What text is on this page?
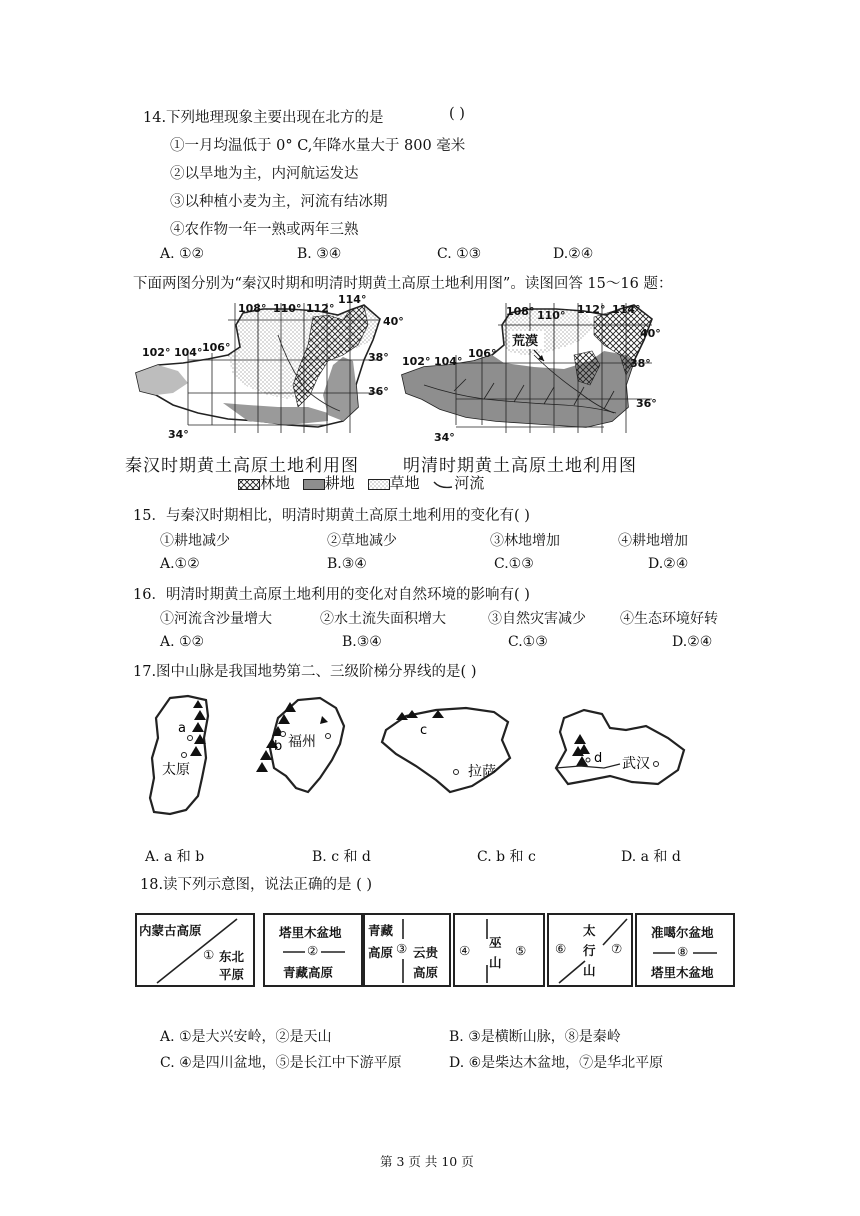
14.下列地理现象主要出现在北方的是	( )
①一月均温低于 0° C,年降水量大于 800 毫米
②以旱地为主，内河航运发达
③以种植小麦为主，河流有结冰期
④农作物一年一熟或两年三熟
A. ①②	B. ③④	C. ①③	D.②④
下面两图分别为“秦汉时期和明清时期黄土高原土地利用图”。读图回答 15～16 题：
108° 110° 112°
114°
102° 104° 106°
40°
38°
36°
34°
荒漠
108° 110° 112° 114°
102° 104°
106°
40°
38°
36°
34°
秦汉时期黄土高原土地利用图	明清时期黄土高原土地利用图
林地 耕地 草地 河流
15．与秦汉时期相比，明清时期黄土高原土地利用的变化有( )
①耕地减少	②草地减少	③林地增加	④耕地增加
A.①②	B.③④	C.①③	D.②④
16．明清时期黄土高原土地利用的变化对自然环境的影响有( )
①河流含沙量增大	②水土流失面积增大	③自然灾害减少 ④生态环境好转
A. ①②	B.③④	C.①③	D.②④
17.图中山脉是我国地势第二、三级阶梯分界线的是( )
a
太原
b 福州
c
拉萨
d 武汉
A. a 和 b	B. c 和 d	C. b 和 c	D. a 和 d
18.读下列示意图，说法正确的是 ( )
内蒙古高原
① 东北
平原
塔里木盆地
②
青藏高原
青藏
高原 ③ 云贵
高原
④
巫
山
⑤ ⑥
太
行
山
⑦
准噶尔盆地
⑧
塔里木盆地
A. ①是大兴安岭，②是天山	B. ③是横断山脉，⑧是秦岭
C. ④是四川盆地，⑤是长江中下游平原	D. ⑥是柴达木盆地，⑦是华北平原
第 3 页 共 10 页
